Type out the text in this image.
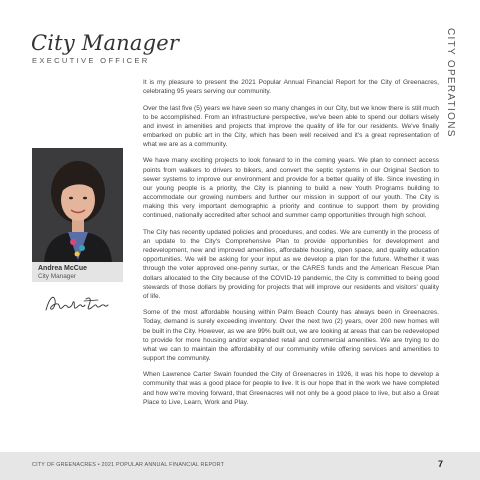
City Manager
EXECUTIVE OFFICER	CITY OPERATIONS
Andrea McCue
City Manager

It is my pleasure to present the 2021 Popular Annual Financial Report for the City of Greenacres, celebrating 95 years serving our community.

Over the last five (5) years we have seen so many changes in our City, but we know there is still much to be accomplished. From an infrastructure perspective, we've been able to spend our dollars wisely and invest in amenities and projects that improve the quality of life for our residents. We've finally embarked on public art in the City, which has been well received and it's a great representation of what we are as a community.

We have many exciting projects to look forward to in the coming years. We plan to connect access points from walkers to drivers to bikers, and convert the septic systems in our Original Section to sewer systems to improve our environment and provide for a better quality of life. Since investing in our young people is a priority, the City is planning to build a new Youth Programs building to accommodate our growing numbers and further our mission in support of our youth. The City is making this very important demographic a priority and continue to support them by providing continued, nationally accredited after school and summer camp opportunities through high school.

The City has recently updated policies and procedures, and codes. We are currently in the process of an update to the City's Comprehensive Plan to provide opportunities for development and redevelopment, new and improved amenities, affordable housing, open space, and quality education opportunities. We will be asking for your input as we develop a plan for the future. Whether it was through the voter approved one-penny surtax, or the CARES funds and the American Rescue Plan dollars allocated to the City because of the COVID-19 pandemic, the City is committed to being good stewards of those dollars by providing for projects that will improve our residents and visitors' quality of life.

Some of the most affordable housing within Palm Beach County has always been in Greenacres. Today, demand is surely exceeding inventory. Over the next two (2) years, over 200 new homes will be built in the City. However, as we are 99% built out, we are looking at areas that can be redeveloped to provide for more housing and/or expanded retail and commercial amenities. We are trying to do what we can to maintain the affordability of our community while offering services and amenities to support the community.

When Lawrence Carter Swain founded the City of Greenacres in 1926, it was his hope to develop a community that was a good place for people to live. It is our hope that in the work we have completed and how we're moving forward, that Greenacres will not only be a good place to live, but also a Great Place to Live, Learn, Work and Play.

CITY OF GREENACRES • 2021 POPULAR ANNUAL FINANCIAL REPORT	7
